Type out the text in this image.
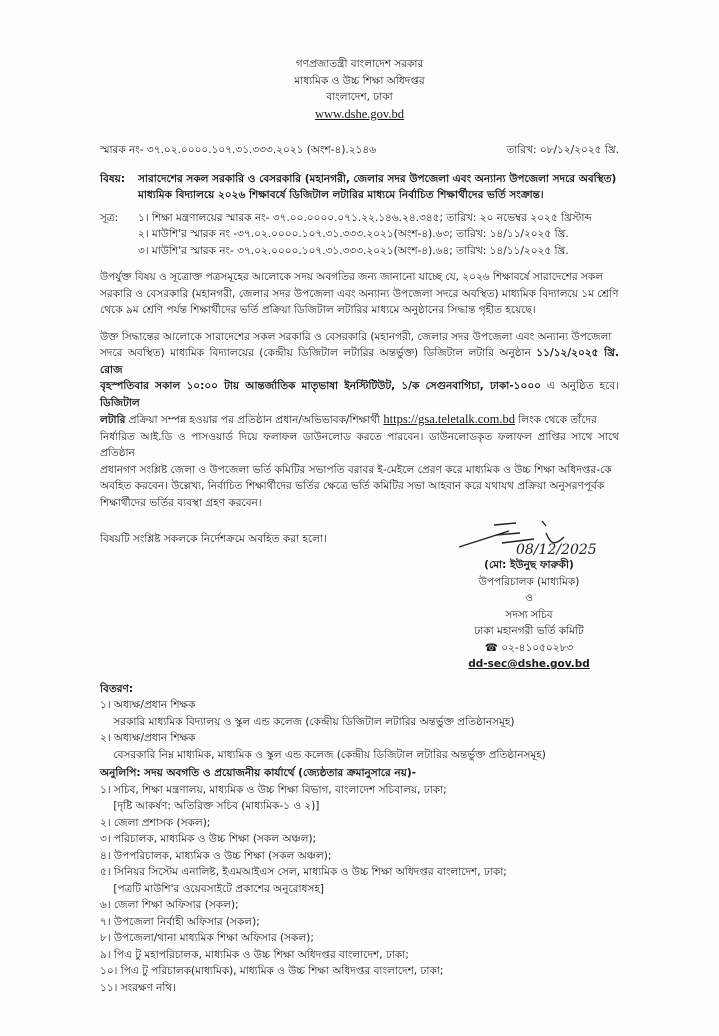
গণপ্রজাতন্ত্রী বাংলাদেশ সরকার
মাধ্যমিক ও উচ্চ শিক্ষা অধিদপ্তর
বাংলাদেশ, ঢাকা
www.dshe.gov.bd
স্মারক নং- ৩৭.০২.০০০০.১০৭.৩১.৩৩৩.২০২১ (অংশ-৪).২১৪৬	তারিখ: ০৮/১২/২০২৫ খ্রি.
বিষয়:	সারাদেশের সকল সরকারি ও বেসরকারি (মহানগরী, জেলার সদর উপজেলা এবং অন্যান্য উপজেলা সদরে অবস্থিত)
মাধ্যমিক বিদ্যালয়ে ২০২৬ শিক্ষাবর্ষে ডিজিটাল লটারির মাধ্যমে নির্বাচিত শিক্ষার্থীদের ভর্তি সংক্রান্ত।
সূত্র:	১। শিক্ষা মন্ত্রণালয়ের স্মারক নং- ৩৭.০০.০০০০.০৭১.২২.১৪৬.২৪.৩৪৫; তারিখ: ২০ নভেম্বর ২০২৫ খ্রিস্টাব্দ
২। মাউশি'র স্মারক নং -৩৭.০২.০০০০.১০৭.৩১.৩৩৩.২০২১(অংশ-৪).৬৩; তারিখ: ১৪/১১/২০২৫ খ্রি.
৩। মাউশি'র স্মারক নং- ৩৭.০২.০০০০.১০৭.৩১.৩৩৩.২০২১(অংশ-৪).৬৪; তারিখ: ১৪/১১/২০২৫ খ্রি.
উপর্যুক্ত বিষয় ও সূত্রোক্ত পত্রসমূহের আলোকে সদয় অবগতির জন্য জানানো যাচ্ছে যে, ২০২৬ শিক্ষাবর্ষে সারাদেশের সকল
সরকারি ও বেসরকারি (মহানগরী, জেলার সদর উপজেলা এবং অন্যান্য উপজেলা সদরে অবস্থিত) মাধ্যমিক বিদ্যালয়ে ১ম শ্রেণি
থেকে ৯ম শ্রেণি পর্যন্ত শিক্ষার্থীদের ভর্তি প্রক্রিয়া ডিজিটাল লটারির মাধ্যমে অনুষ্ঠানের সিদ্ধান্ত গৃহীত হয়েছে।
উক্ত সিদ্ধান্তের আলোকে সারাদেশের সকল সরকারি ও বেসরকারি (মহানগরী, জেলার সদর উপজেলা এবং অন্যান্য উপজেলা
সদরে অবস্থিত) মাধ্যমিক বিদ্যালয়ের (কেন্দ্রীয় ডিজিটাল লটারির অন্তর্ভুক্ত) ডিজিটাল লটারি অনুষ্ঠান ১১/১২/২০২৫ খ্রি. রোজ
বৃহস্পতিবার সকাল ১০:০০ টায় আন্তর্জাতিক মাতৃভাষা ইনস্টিটিউট, ১/ক সেগুনবাগিচা, ঢাকা-১০০০ এ অনুষ্ঠিত হবে। ডিজিটাল
লটারি প্রক্রিয়া সম্পন্ন হওয়ার পর প্রতিষ্ঠান প্রধান/অভিভাবক/শিক্ষার্থী https://gsa.teletalk.com.bd লিংক থেকে তাঁদের
নির্ধারিত আই.ডি ও পাসওয়ার্ড দিয়ে ফলাফল ডাউনলোড করতে পারবেন। ডাউনলোডকৃত ফলাফল প্রাপ্তির সাথে সাথে প্রতিষ্ঠান
প্রধানগণ সংশ্লিষ্ট জেলা ও উপজেলা ভর্তি কমিটির সভাপতি বরাবর ই-মেইলে প্রেরণ করে মাধ্যমিক ও উচ্চ শিক্ষা অধিদপ্তর-কে
অবহিত করবেন। উল্লেখ্য, নির্বাচিত শিক্ষার্থীদের ভর্তির ক্ষেত্রে ভর্তি কমিটির সভা আহবান করে যথাযথ প্রক্রিয়া অনুসরণপূর্বক
শিক্ষার্থীদের ভর্তির ব্যবস্থা গ্রহণ করবেন।
বিষয়টি সংশ্লিষ্ট সকলকে নির্দেশক্রমে অবহিত করা হলো।
08/12/2025
(মো: ইউনুছ ফারুকী)
উপপরিচালক (মাধ্যমিক)
ও
সদস্য সচিব
ঢাকা মহানগরী ভর্তি কমিটি
☎ ০২-৪১০৫০২৮৩
dd-sec@dshe.gov.bd
বিতরণ:
১। অধ্যক্ষ/প্রধান শিক্ষক
সরকারি মাধ্যমিক বিদ্যালয় ও স্কুল এন্ড কলেজ (কেন্দ্রীয় ডিজিটাল লটারির অন্তর্ভুক্ত প্রতিষ্ঠানসমূহ)
২। অধ্যক্ষ/প্রধান শিক্ষক
বেসরকারি নিম্ন মাধ্যমিক, মাধ্যমিক ও স্কুল এন্ড কলেজ (কেন্দ্রীয় ডিজিটাল লটারির অন্তর্ভুক্ত প্রতিষ্ঠানসমূহ)
অনুলিপি: সদয় অবগতি ও প্রয়োজনীয় কার্যার্থে (জ্যেষ্ঠতার ক্রমানুসারে নয়)-
১। সচিব, শিক্ষা মন্ত্রণালয়, মাধ্যমিক ও উচ্চ শিক্ষা বিভাগ, বাংলাদেশ সচিবালয়, ঢাকা;
[দৃষ্টি আকর্ষণ: অতিরিক্ত সচিব (মাধ্যমিক-১ ও ২)]
২। জেলা প্রশাসক (সকল);
৩। পরিচালক, মাধ্যমিক ও উচ্চ শিক্ষা (সকল অঞ্চল);
৪। উপপরিচালক, মাধ্যমিক ও উচ্চ শিক্ষা (সকল অঞ্চল);
৫। সিনিয়র সিস্টেম এনালিষ্ট, ইএমআইএস সেল, মাধ্যমিক ও উচ্চ শিক্ষা অধিদপ্তর বাংলাদেশ, ঢাকা;
[পত্রটি মাউশি'র ওয়েবসাইটে প্রকাশের অনুরোধসহ]
৬। জেলা শিক্ষা অফিসার (সকল);
৭। উপজেলা নির্বাহী অফিসার (সকল);
৮। উপজেলা/থানা মাধ্যমিক শিক্ষা অফিসার (সকল);
৯। পিএ টু মহাপরিচালক, মাধ্যমিক ও উচ্চ শিক্ষা অধিদপ্তর বাংলাদেশ, ঢাকা;
১০। পিএ টু পরিচালক(মাধ্যমিক), মাধ্যমিক ও উচ্চ শিক্ষা অধিদপ্তর বাংলাদেশ, ঢাকা;
১১। সংরক্ষণ নথি।
